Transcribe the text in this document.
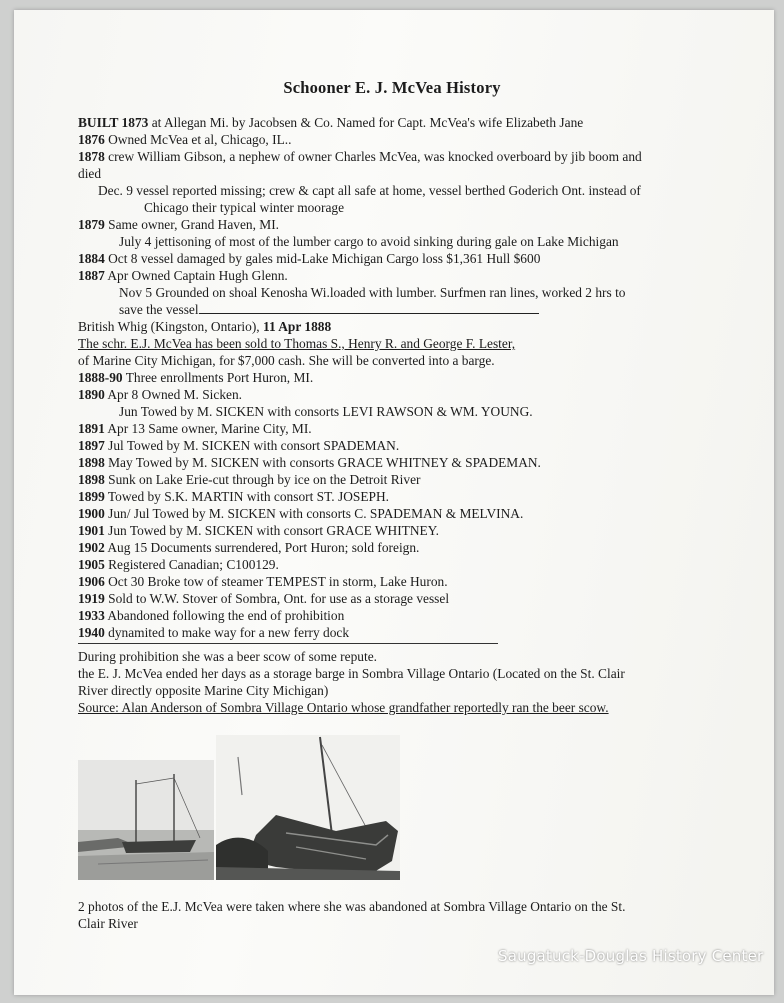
Schooner E. J. McVea History
BUILT 1873 at Allegan Mi. by Jacobsen & Co. Named for Capt. McVea's wife Elizabeth Jane
1876 Owned McVea et al, Chicago, IL..
1878 crew William Gibson, a nephew of owner Charles McVea, was knocked overboard by jib boom and
died
Dec. 9 vessel reported missing; crew & capt all safe at home, vessel berthed Goderich Ont. instead of
Chicago their typical winter moorage
1879 Same owner, Grand Haven, MI.
July 4 jettisoning of most of the lumber cargo to avoid sinking during gale on Lake Michigan
1884 Oct 8 vessel damaged by gales mid-Lake Michigan Cargo loss $1,361 Hull $600
1887 Apr Owned Captain Hugh Glenn.
Nov 5 Grounded on shoal Kenosha Wi.loaded with lumber. Surfmen ran lines, worked 2 hrs to
save the vessel
British Whig (Kingston, Ontario), 11 Apr 1888
The schr. E.J. McVea has been sold to Thomas S., Henry R. and George F. Lester,
of Marine City Michigan, for $7,000 cash. She will be converted into a barge.
1888-90 Three enrollments Port Huron, MI.
1890 Apr 8 Owned M. Sicken.
Jun Towed by M. SICKEN with consorts LEVI RAWSON & WM. YOUNG.
1891 Apr 13 Same owner, Marine City, MI.
1897 Jul Towed by M. SICKEN with consort SPADEMAN.
1898 May Towed by M. SICKEN with consorts GRACE WHITNEY & SPADEMAN.
1898 Sunk on Lake Erie-cut through by ice on the Detroit River
1899 Towed by S.K. MARTIN with consort ST. JOSEPH.
1900 Jun/ Jul Towed by M. SICKEN with consorts C. SPADEMAN & MELVINA.
1901 Jun Towed by M. SICKEN with consort GRACE WHITNEY.
1902 Aug 15 Documents surrendered, Port Huron; sold foreign.
1905 Registered Canadian; C100129.
1906 Oct 30 Broke tow of steamer TEMPEST in storm, Lake Huron.
1919 Sold to W.W. Stover of Sombra, Ont. for use as a storage vessel
1933 Abandoned following the end of prohibition
1940 dynamited to make way for a new ferry dock
During prohibition she was a beer scow of some repute.
the E. J. McVea ended her days as a storage barge in Sombra Village Ontario (Located on the St. Clair
River directly opposite Marine City Michigan)
Source: Alan Anderson of Sombra Village Ontario whose grandfather reportedly ran the beer scow.
2 photos of the E.J. McVea were taken where she was abandoned at Sombra Village Ontario on the St.
Clair River
Saugatuck-Douglas History Center
